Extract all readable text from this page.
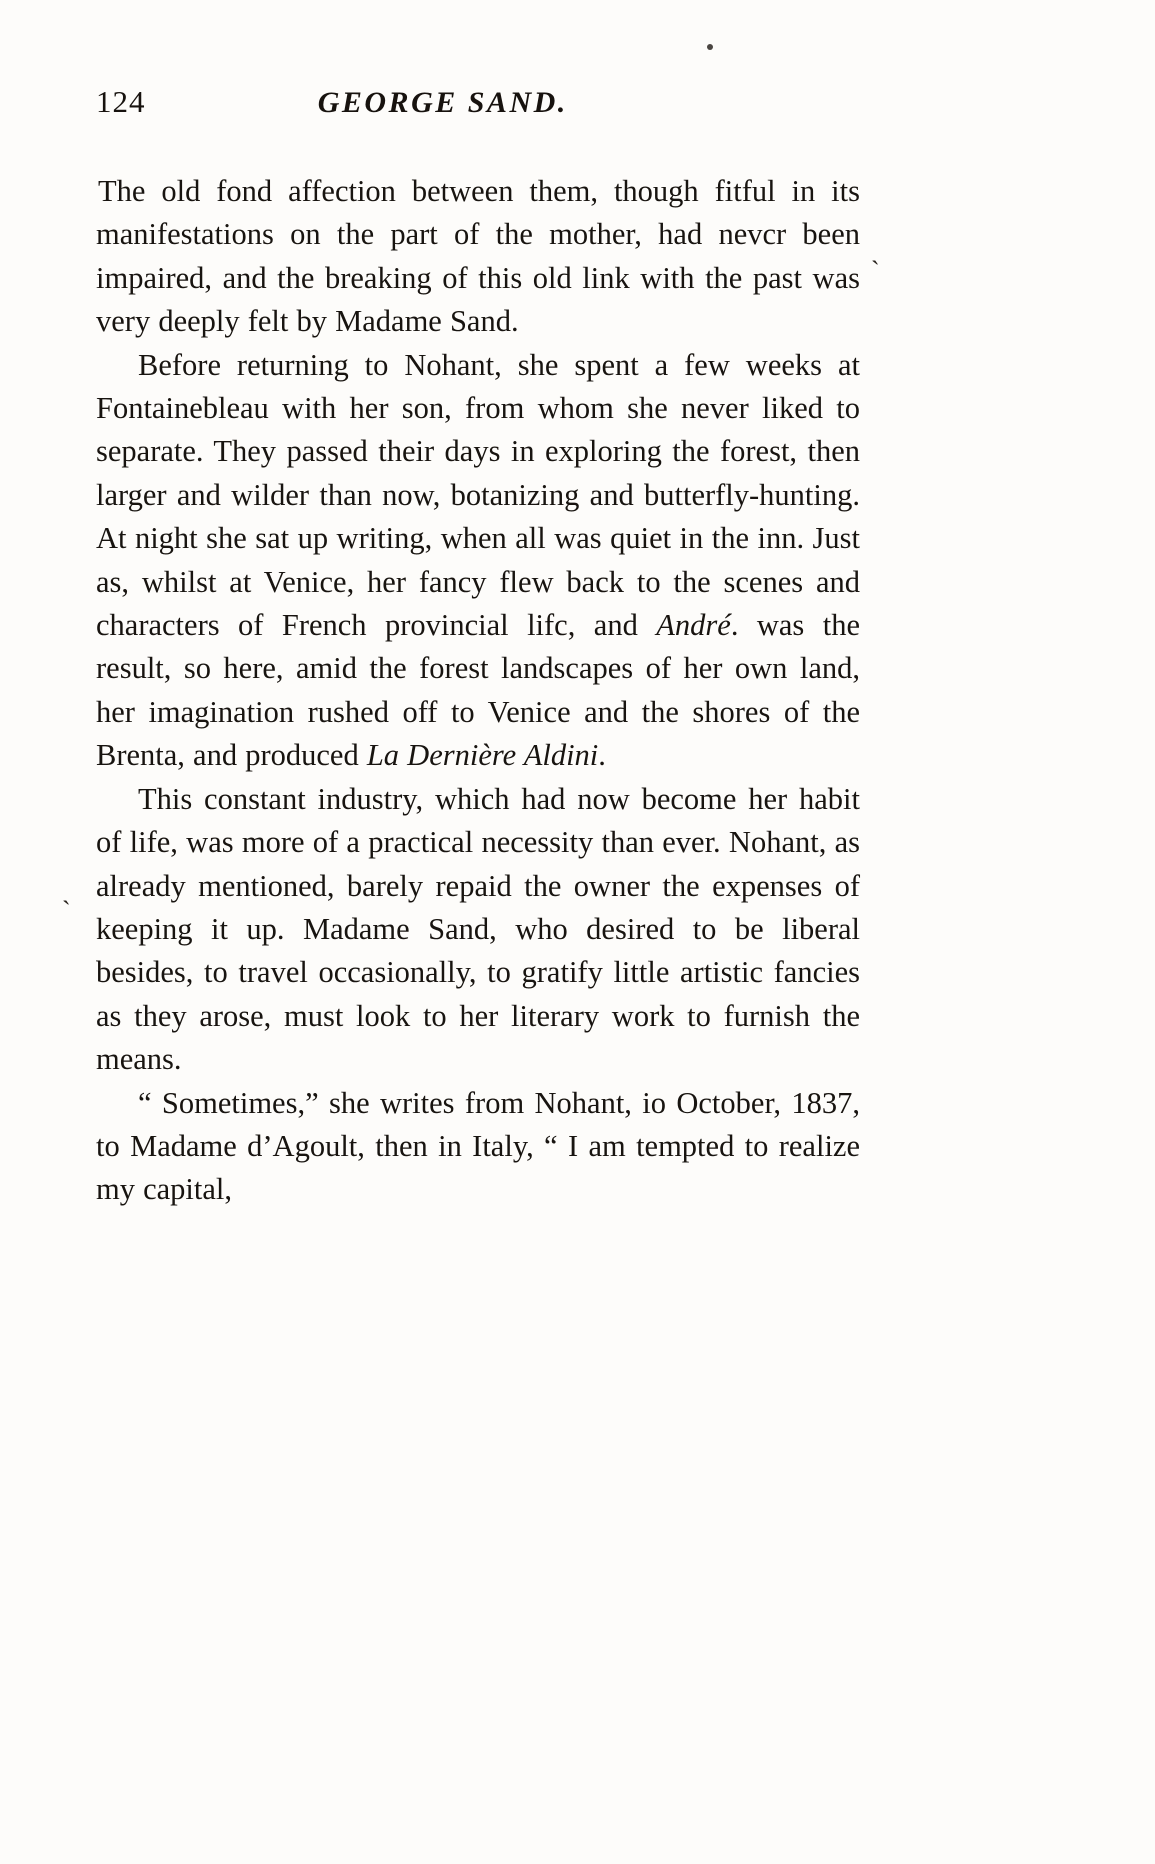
ˋ
ˋ
124	GEORGE SAND.

The old fond affection between them, though fitful in its manifestations on the part of the mother, had nevcr been impaired, and the breaking of this old link with the past was very deeply felt by Madame Sand.

Before returning to Nohant, she spent a few weeks at Fontainebleau with her son, from whom she never liked to separate. They passed their days in exploring the forest, then larger and wilder than now, botanizing and butterfly-hunting. At night she sat up writing, when all was quiet in the inn. Just as, whilst at Venice, her fancy flew back to the scenes and characters of French provincial lifc, and André. was the result, so here, amid the forest landscapes of her own land, her imagination rushed off to Venice and the shores of the Brenta, and produced La Dernière Aldini.

This constant industry, which had now become her habit of life, was more of a practical necessity than ever. Nohant, as already mentioned, barely repaid the owner the expenses of keeping it up. Madame Sand, who desired to be liberal besides, to travel occasionally, to gratify little artistic fancies as they arose, must look to her literary work to furnish the means.

“ Sometimes,” she writes from Nohant, iᴏ October, 1837, to Madame d’Agoult, then in Italy, “ I am tempted to realize my capital,
